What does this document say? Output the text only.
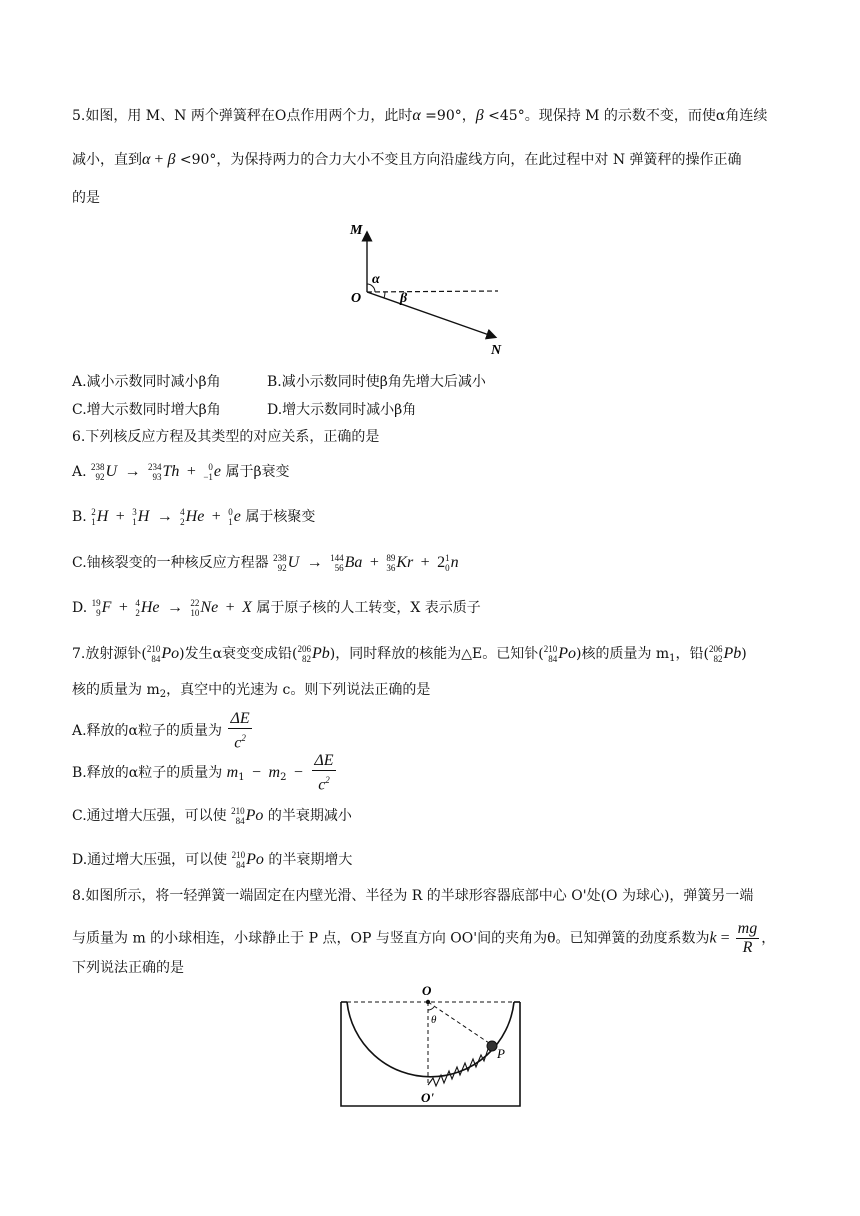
5.如图，用 M、N 两个弹簧秤在O点作用两个力，此时α =90°，β <45°。现保持 M 的示数不变，而使α角连续
减小，直到α + β <90°，为保持两力的合力大小不变且方向沿虚线方向，在此过程中对 N 弹簧秤的操作正确
的是
M
O
α
β
N
A.减小示数同时减小β角	B.减小示数同时使β角先增大后减小
C.增大示数同时增大β角	D.增大示数同时减小β角
6.下列核反应方程及其类型的对应关系，正确的是
A. 238
92 U → 234
93 Th + 0
−1 e 属于β衰变
B. 2
1 H + 3
1 H → 4
2 He + 0
1 e 属于核聚变
C.铀核裂变的一种核反应方程器 238
92 U → 144
56 Ba + 89
36 Kr + 2 1
0 n
D. 19
9 F + 4
2 He → 22
10 Ne + X 属于原子核的人工转变，X 表示质子
7.放射源钋( 210
84 Po )发生α衰变变成铅( 206
82 Pb )，同时释放的核能为△E。已知钋( 210
84 Po )核的质量为 $m_1$，铅( 206
82 Pb )
核的质量为 $m_2$，真空中的光速为 c。则下列说法正确的是
A.释放的α粒子的质量为 $\frac{\Delta E}{c^2}$
B.释放的α粒子的质量为 $m_1 - m_2 - \frac{\Delta E}{c^2}$
C.通过增大压强，可以使 210
84 Po 的半衰期减小
D.通过增大压强，可以使 210
84 Po 的半衰期增大
8.如图所示，将一轻弹簧一端固定在内壁光滑、半径为 R 的半球形容器底部中心 O'处(O 为球心)，弹簧另一端
与质量为 m 的小球相连，小球静止于 P 点，OP 与竖直方向 OO'间的夹角为θ。已知弹簧的劲度系数为$k = \frac{mg}{R}$ ，
下列说法正确的是
O
θ
P
O'
